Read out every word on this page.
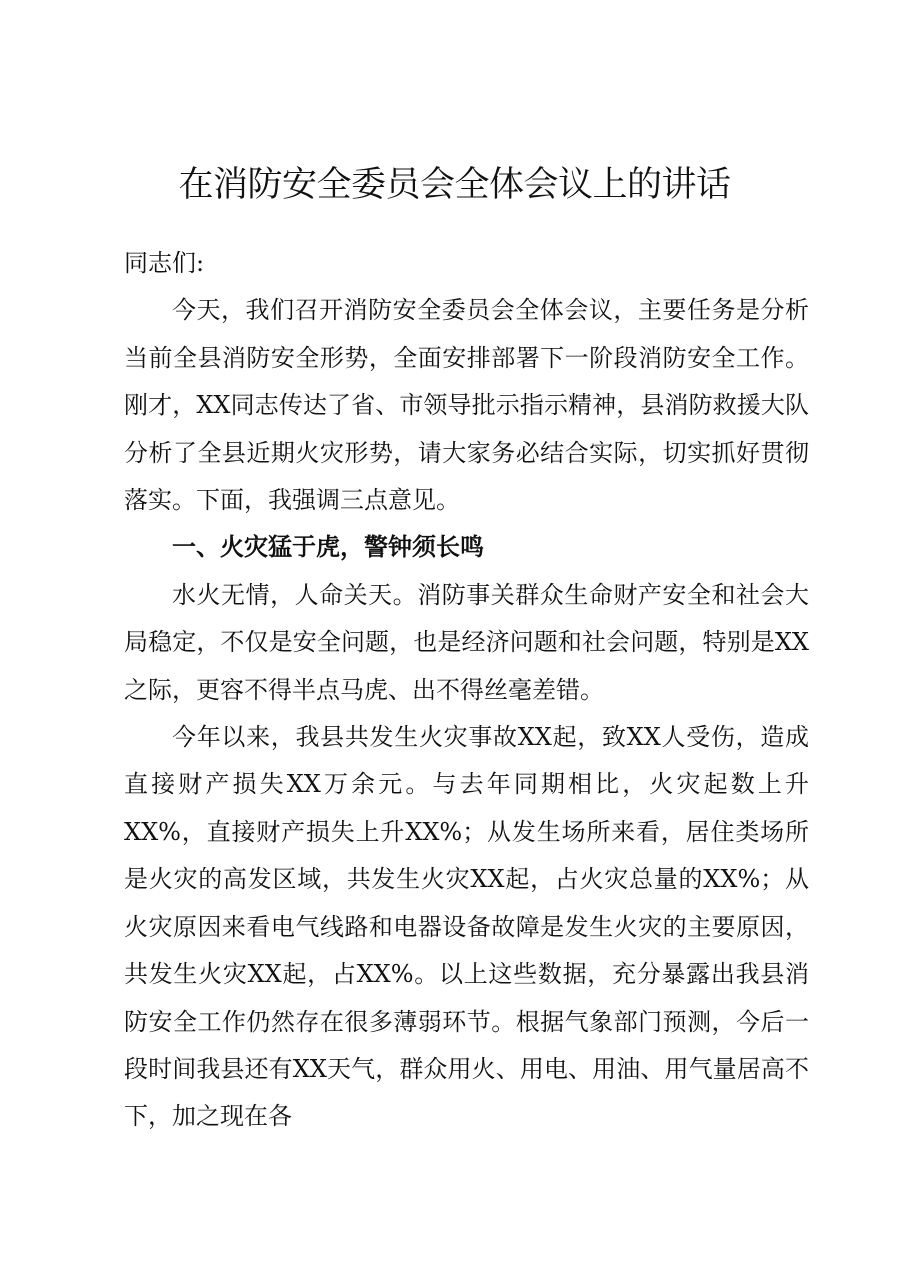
在消防安全委员会全体会议上的讲话

同志们:

今天，我们召开消防安全委员会全体会议，主要任务是分析当前全县消防安全形势，全面安排部署下一阶段消防安全工作。刚才，XX同志传达了省、市领导批示指示精神，县消防救援大队分析了全县近期火灾形势，请大家务必结合实际，切实抓好贯彻落实。下面，我强调三点意见。

一、火灾猛于虎，警钟须长鸣

水火无情，人命关天。消防事关群众生命财产安全和社会大局稳定，不仅是安全问题，也是经济问题和社会问题，特别是XX之际，更容不得半点马虎、出不得丝毫差错。

今年以来，我县共发生火灾事故XX起，致XX人受伤，造成直接财产损失XX万余元。与去年同期相比，火灾起数上升XX%，直接财产损失上升XX%；从发生场所来看，居住类场所是火灾的高发区域，共发生火灾XX起，占火灾总量的XX%；从火灾原因来看电气线路和电器设备故障是发生火灾的主要原因，共发生火灾XX起，占XX%。以上这些数据，充分暴露出我县消防安全工作仍然存在很多薄弱环节。根据气象部门预测，今后一段时间我县还有XX天气，群众用火、用电、用油、用气量居高不下，加之现在各
